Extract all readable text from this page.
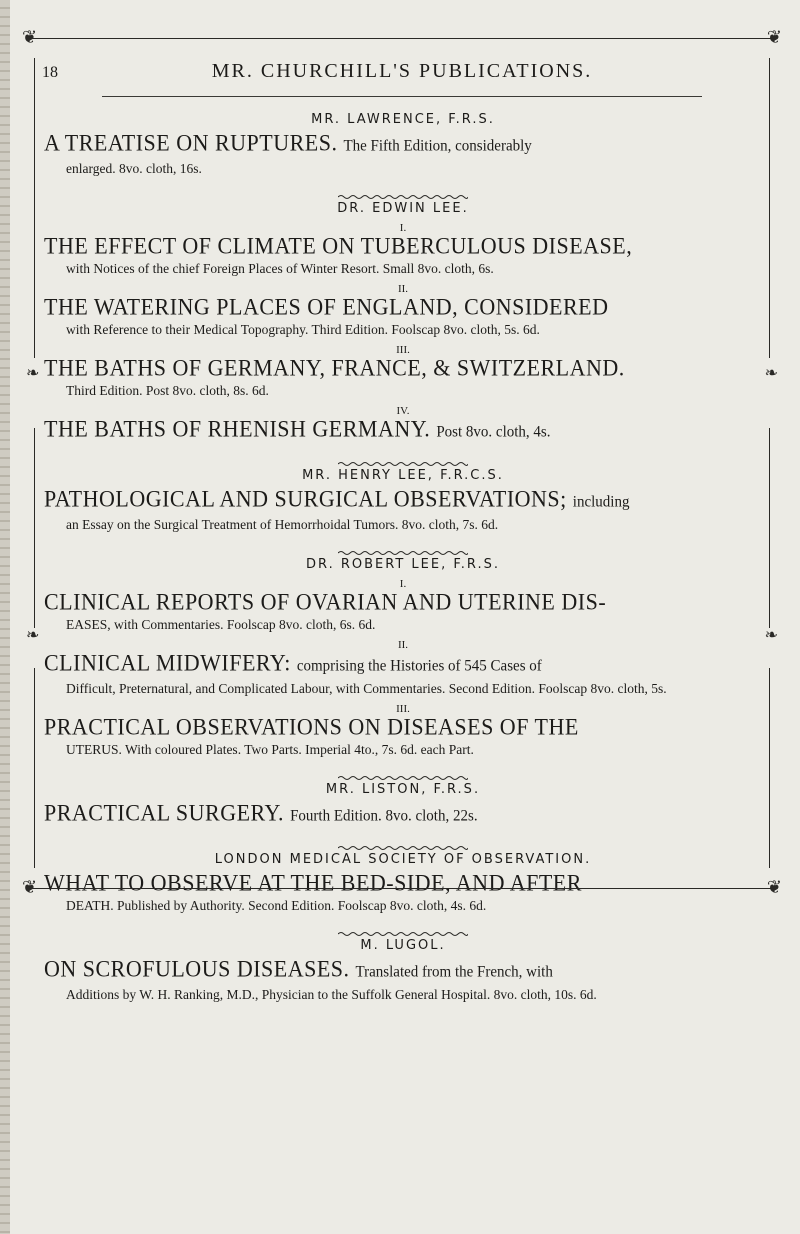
❦	❦
❧
❧
❧
❧
18	MR. CHURCHILL'S PUBLICATIONS.
MR. LAWRENCE, F.R.S.
A TREATISE ON RUPTURES. The Fifth Edition, considerably
enlarged. 8vo. cloth, 16s.
DR. EDWIN LEE.
I.
THE EFFECT OF CLIMATE ON TUBERCULOUS DISEASE,
with Notices of the chief Foreign Places of Winter Resort. Small 8vo. cloth, 6s.
II.
THE WATERING PLACES OF ENGLAND, CONSIDERED
with Reference to their Medical Topography. Third Edition. Foolscap 8vo. cloth, 5s. 6d.
III.
THE BATHS OF GERMANY, FRANCE, & SWITZERLAND.
Third Edition. Post 8vo. cloth, 8s. 6d.
IV.
THE BATHS OF RHENISH GERMANY. Post 8vo. cloth, 4s.
MR. HENRY LEE, F.R.C.S.
PATHOLOGICAL AND SURGICAL OBSERVATIONS; including
an Essay on the Surgical Treatment of Hemorrhoidal Tumors. 8vo. cloth, 7s. 6d.
DR. ROBERT LEE, F.R.S.
I.
CLINICAL REPORTS OF OVARIAN AND UTERINE DIS-
EASES, with Commentaries. Foolscap 8vo. cloth, 6s. 6d.
II.
CLINICAL MIDWIFERY: comprising the Histories of 545 Cases of
Difficult, Preternatural, and Complicated Labour, with Commentaries. Second Edition. Foolscap 8vo. cloth, 5s.
III.
PRACTICAL OBSERVATIONS ON DISEASES OF THE
UTERUS. With coloured Plates. Two Parts. Imperial 4to., 7s. 6d. each Part.
MR. LISTON, F.R.S.
PRACTICAL SURGERY. Fourth Edition. 8vo. cloth, 22s.
LONDON MEDICAL SOCIETY OF OBSERVATION.
WHAT TO OBSERVE AT THE BED-SIDE, AND AFTER
DEATH. Published by Authority. Second Edition. Foolscap 8vo. cloth, 4s. 6d.
M. LUGOL.
ON SCROFULOUS DISEASES. Translated from the French, with
Additions by W. H. Ranking, M.D., Physician to the Suffolk General Hospital. 8vo. cloth, 10s. 6d.
❦	❦
